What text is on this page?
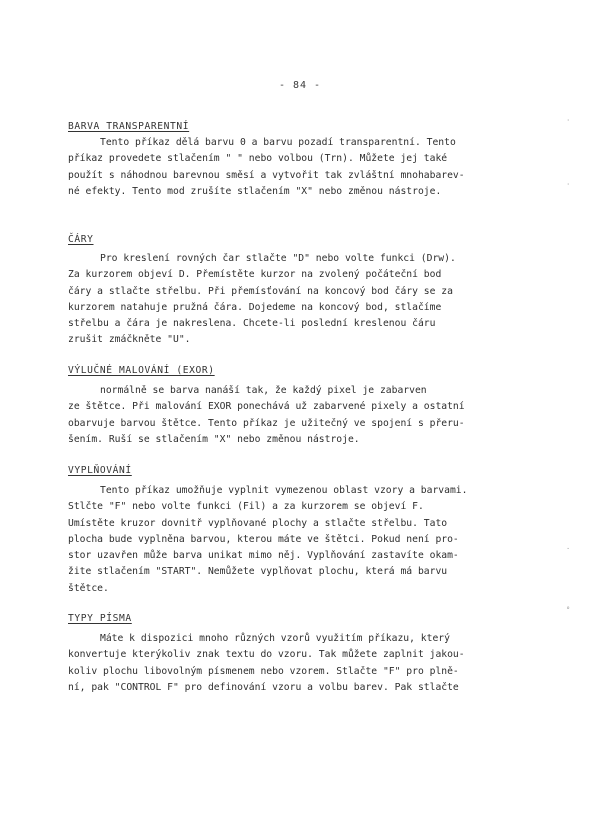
- 84 -
BARVA TRANSPARENTNÍ
Tento příkaz dělá barvu 0 a barvu pozadí transparentní. Tento
příkaz provedete stlačením " " nebo volbou (Trn). Můžete jej také
použít s náhodnou barevnou směsí a vytvořit tak zvláštní mnohabarev-
né efekty. Tento mod zrušíte stlačením "X" nebo změnou nástroje.
ČÁRY
Pro kreslení rovných čar stlačte "D" nebo volte funkci (Drw).
Za kurzorem objeví D. Přemístěte kurzor na zvolený počáteční bod
čáry a stlačte střelbu. Při přemísťování na koncový bod čáry se za
kurzorem natahuje pružná čára. Dojedeme na koncový bod, stlačíme
střelbu a čára je nakreslena. Chcete-li poslední kreslenou čáru
zrušit zmáčkněte "U".
VÝLUČNÉ MALOVÁNÍ (EXOR)
normálně se barva nanáší tak, že každý pixel je zabarven
ze štětce. Při malování EXOR ponechává už zabarvené pixely a ostatní
obarvuje barvou štětce. Tento příkaz je užitečný ve spojení s přeru-
šením. Ruší se stlačením "X" nebo změnou nástroje.
VYPLŇOVÁNÍ
Tento příkaz umožňuje vyplnit vymezenou oblast vzory a barvami.
Stlčte "F" nebo volte funkci (Fil) a za kurzorem se objeví F.
Umístěte kruzor dovnitř vyplňované plochy a stlačte střelbu. Tato
plocha bude vyplněna barvou, kterou máte ve štětci. Pokud není pro-
stor uzavřen může barva unikat mimo něj. Vyplňování zastavíte okam-
žite stlačením "START". Nemůžete vyplňovat plochu, která má barvu
štětce.
TYPY PÍSMA
Máte k dispozici mnoho různých vzorů využitím příkazu, který
konvertuje kterýkoliv znak textu do vzoru. Tak můžete zaplnit jakou-
koliv plochu libovolným písmenem nebo vzorem. Stlačte "F" pro plně-
ní, pak "CONTROL F" pro definování vzoru a volbu barev. Pak stlačte
ˌ
ˌ
·
°
